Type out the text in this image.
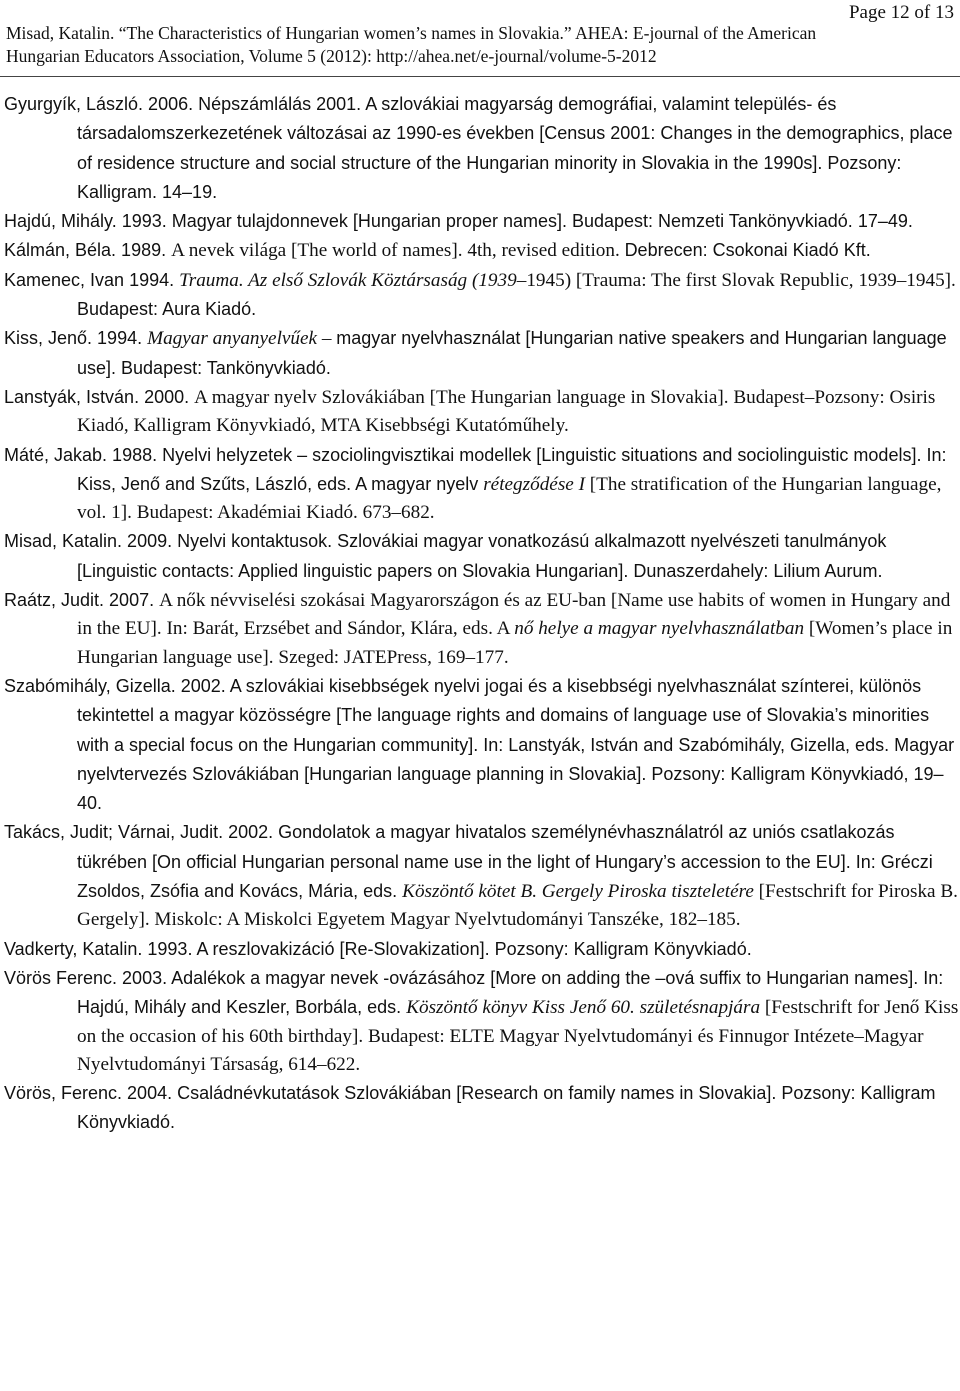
Page 12 of 13
Misad, Katalin. “The Characteristics of Hungarian women’s names in Slovakia.” AHEA: E-journal of the American
Hungarian Educators Association, Volume 5 (2012): http://ahea.net/e-journal/volume-5-2012

Gyurgyík, László. 2006. Népszámlálás 2001. A szlovákiai magyarság demográfiai, valamint település- és társadalomszerkezetének változásai az 1990-es években [Census 2001: Changes in the demographics, place of residence structure and social structure of the Hungarian minority in Slovakia in the 1990s]. Pozsony: Kalligram. 14–19.

Hajdú, Mihály. 1993. Magyar tulajdonnevek [Hungarian proper names]. Budapest: Nemzeti Tankönyvkiadó. 17–49.

Kálmán, Béla. 1989. A nevek világa [The world of names]. 4th, revised edition. Debrecen: Csokonai Kiadó Kft.

Kamenec, Ivan 1994. Trauma. Az első Szlovák Köztársaság (1939–1945) [Trauma: The first Slovak Republic, 1939–1945]. Budapest: Aura Kiadó.

Kiss, Jenő. 1994. Magyar anyanyelvűek – magyar nyelvhasználat [Hungarian native speakers and Hungarian language use]. Budapest: Tankönyvkiadó.

Lanstyák, István. 2000. A magyar nyelv Szlovákiában [The Hungarian language in Slovakia]. Budapest–Pozsony: Osiris Kiadó, Kalligram Könyvkiadó, MTA Kisebbségi Kutatóműhely.

Máté, Jakab. 1988. Nyelvi helyzetek – szociolingvisztikai modellek [Linguistic situations and sociolinguistic models]. In: Kiss, Jenő and Szűts, László, eds. A magyar nyelv rétegződése I [The stratification of the Hungarian language, vol. 1]. Budapest: Akadémiai Kiadó. 673–682.

Misad, Katalin. 2009. Nyelvi kontaktusok. Szlovákiai magyar vonatkozású alkalmazott nyelvészeti tanulmányok [Linguistic contacts: Applied linguistic papers on Slovakia Hungarian]. Dunaszerdahely: Lilium Aurum.

Raátz, Judit. 2007. A nők névviselési szokásai Magyarországon és az EU-ban [Name use habits of women in Hungary and in the EU]. In: Barát, Erzsébet and Sándor, Klára, eds. A nő helye a magyar nyelvhasználatban [Women’s place in Hungarian language use]. Szeged: JATEPress, 169–177.

Szabómihály, Gizella. 2002. A szlovákiai kisebbségek nyelvi jogai és a kisebbségi nyelvhasználat színterei, különös tekintettel a magyar közösségre [The language rights and domains of language use of Slovakia’s minorities with a special focus on the Hungarian community]. In: Lanstyák, István and Szabómihály, Gizella, eds. Magyar nyelvtervezés Szlovákiában [Hungarian language planning in Slovakia]. Pozsony: Kalligram Könyvkiadó, 19–40.

Takács, Judit; Várnai, Judit. 2002. Gondolatok a magyar hivatalos személynévhasználatról az uniós csatlakozás tükrében [On official Hungarian personal name use in the light of Hungary’s accession to the EU]. In: Gréczi Zsoldos, Zsófia and Kovács, Mária, eds. Köszöntő kötet B. Gergely Piroska tiszteletére [Festschrift for Piroska B. Gergely]. Miskolc: A Miskolci Egyetem Magyar Nyelvtudományi Tanszéke, 182–185.

Vadkerty, Katalin. 1993. A reszlovakizáció [Re-Slovakization]. Pozsony: Kalligram Könyvkiadó.

Vörös Ferenc. 2003. Adalékok a magyar nevek -ovázásához [More on adding the –ová suffix to Hungarian names]. In: Hajdú, Mihály and Keszler, Borbála, eds. Köszöntő könyv Kiss Jenő 60. születésnapjára [Festschrift for Jenő Kiss on the occasion of his 60th birthday]. Budapest: ELTE Magyar Nyelvtudományi és Finnugor Intézete–Magyar Nyelvtudományi Társaság, 614–622.

Vörös, Ferenc. 2004. Családnévkutatások Szlovákiában [Research on family names in Slovakia]. Pozsony: Kalligram Könyvkiadó.
